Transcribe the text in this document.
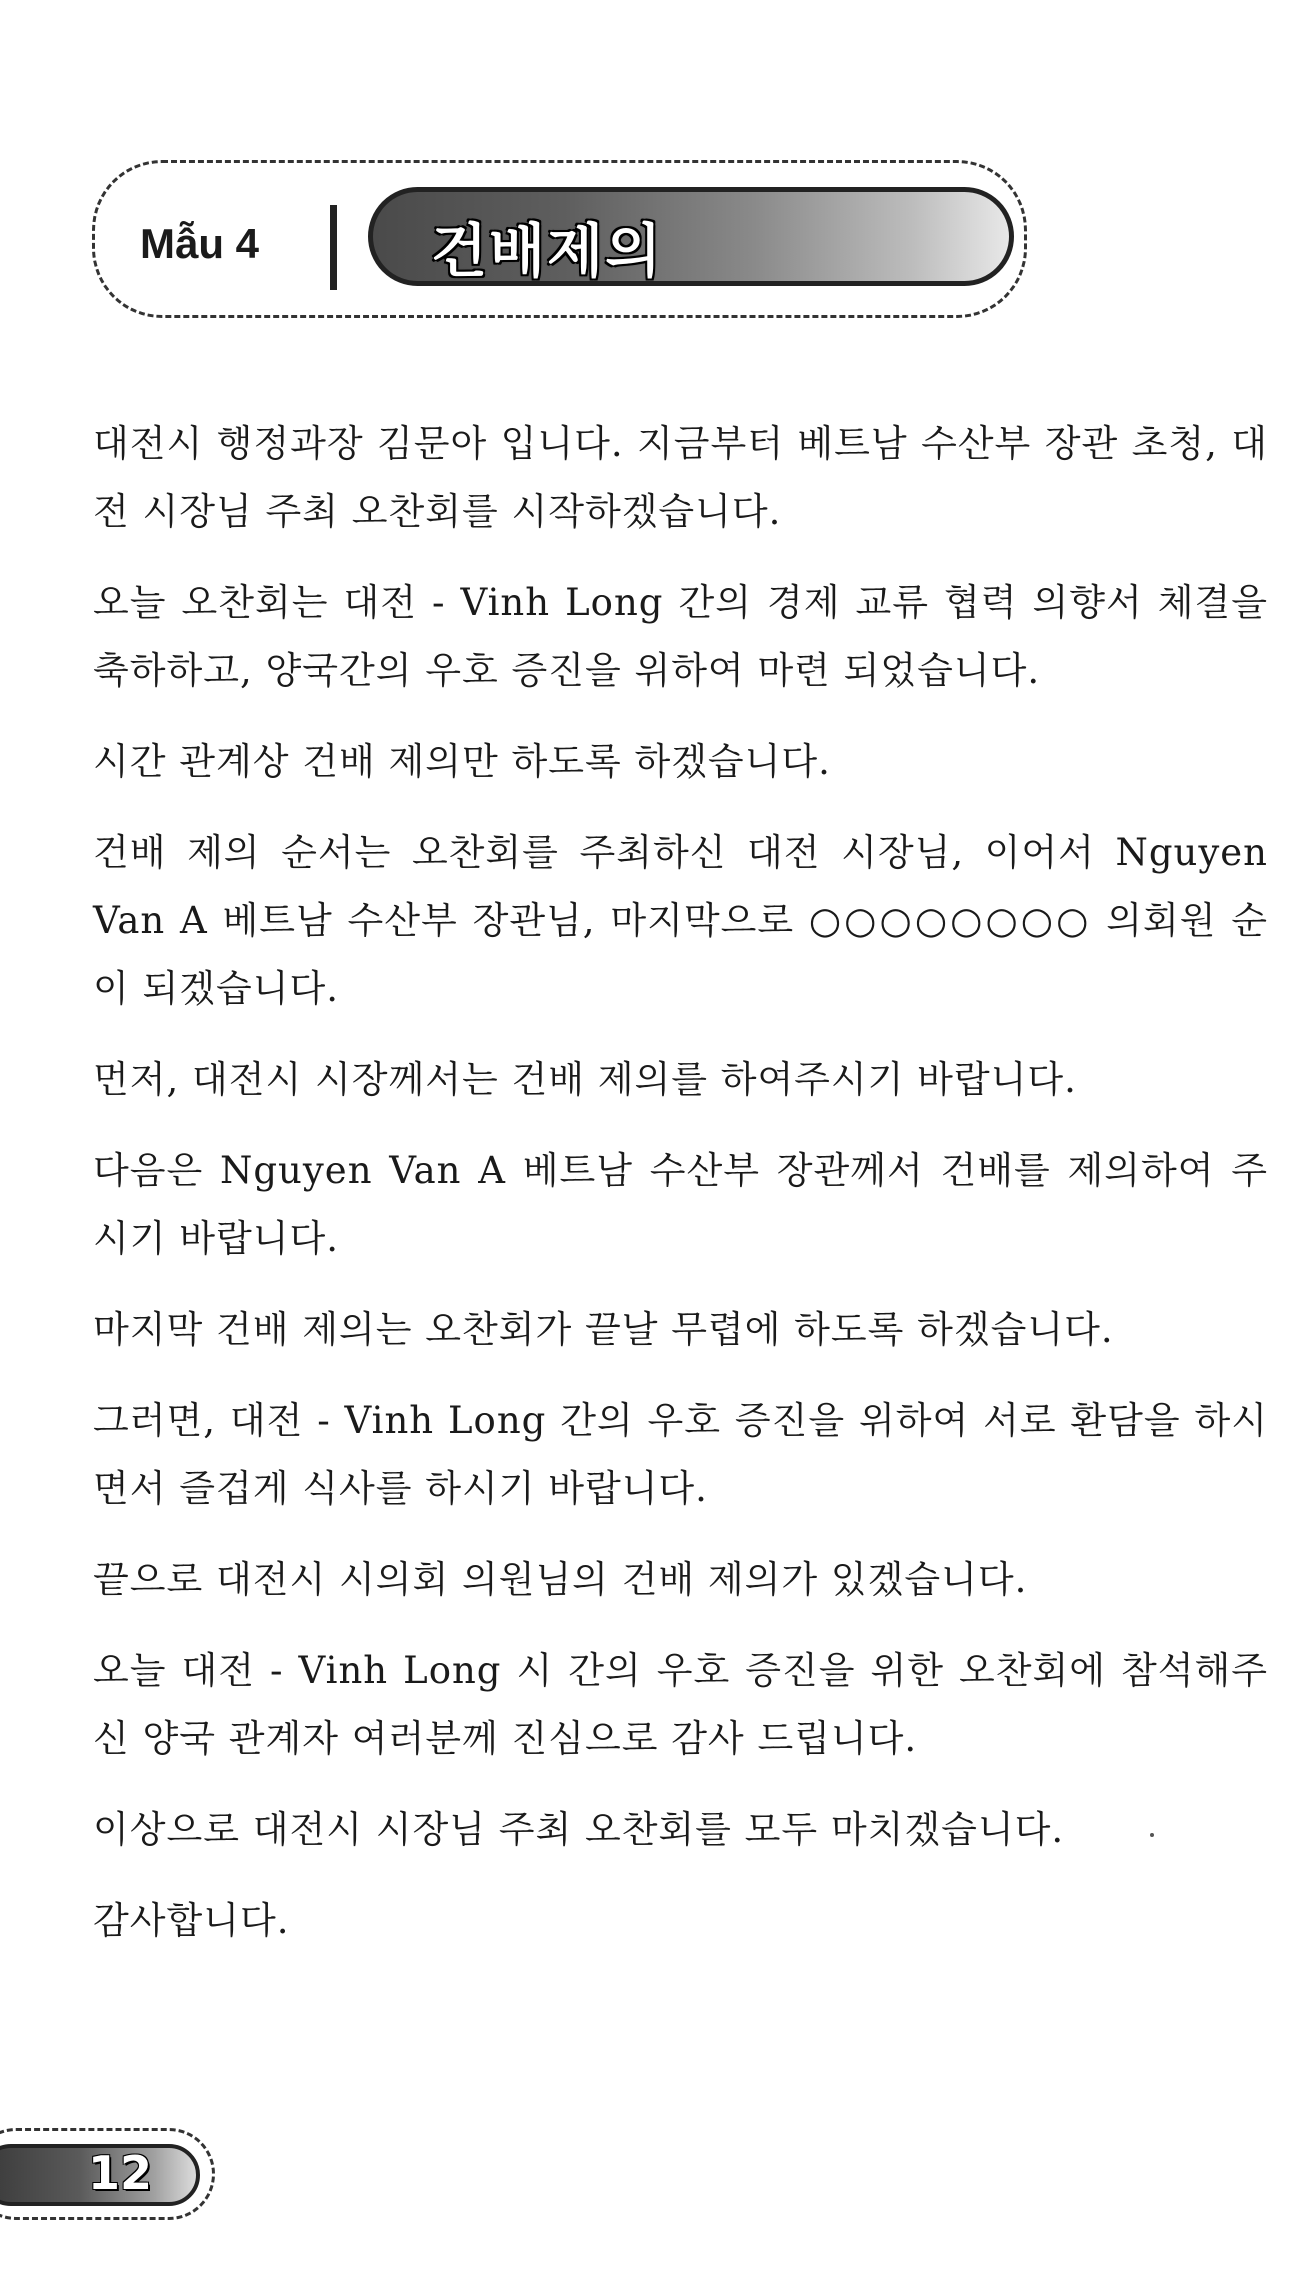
Mẫu 4	건배제의

대전시 행정과장 김문아 입니다. 지금부터 베트남 수산부 장관 초청, 대전 시장님 주최 오찬회를 시작하겠습니다.

오늘 오찬회는 대전 - Vinh Long 간의 경제 교류 협력 의향서 체결을 축하하고, 양국간의 우호 증진을 위하여 마련 되었습니다.

시간 관계상 건배 제의만 하도록 하겠습니다.

건배 제의 순서는 오찬회를 주최하신 대전 시장님, 이어서 Nguyen Van A 베트남 수산부 장관님, 마지막으로 ○○○○○○○○ 의회원 순이 되겠습니다.

먼저, 대전시 시장께서는 건배 제의를 하여주시기 바랍니다.

다음은 Nguyen Van A 베트남 수산부 장관께서 건배를 제의하여 주시기 바랍니다.

마지막 건배 제의는 오찬회가 끝날 무렵에 하도록 하겠습니다.

그러면, 대전 - Vinh Long 간의 우호 증진을 위하여 서로 환담을 하시면서 즐겁게 식사를 하시기 바랍니다.

끝으로 대전시 시의회 의원님의 건배 제의가 있겠습니다.

오늘 대전 - Vinh Long 시 간의 우호 증진을 위한 오찬회에 참석해주신 양국 관계자 여러분께 진심으로 감사 드립니다.

이상으로 대전시 시장님 주최 오찬회를 모두 마치겠습니다.

감사합니다.

12
